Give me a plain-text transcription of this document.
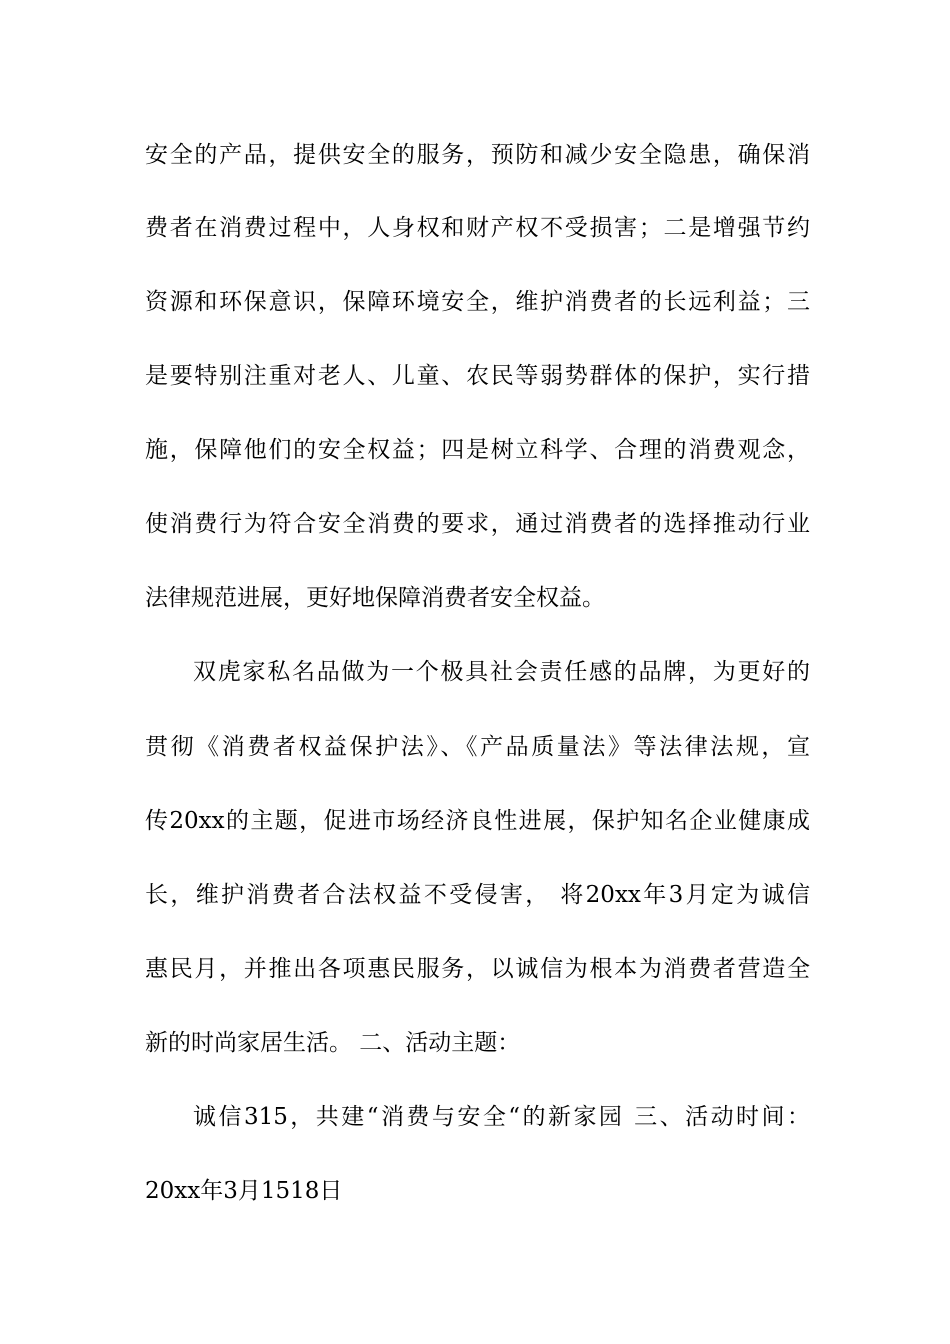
安全的产品，提供安全的服务，预防和减少安全隐患，确保消
费者在消费过程中，人身权和财产权不受损害；二是增强节约
资源和环保意识，保障环境安全，维护消费者的长远利益；三
是要特别注重对老人、儿童、农民等弱势群体的保护，实行措
施，保障他们的安全权益；四是树立科学、合理的消费观念，
使消费行为符合安全消费的要求，通过消费者的选择推动行业
法律规范进展，更好地保障消费者安全权益。
双虎家私名品做为一个极具社会责任感的品牌，为更好的
贯彻《消费者权益保护法》、《产品质量法》等法律法规，宣
传20xx的主题，促进市场经济良性进展，保护知名企业健康成
长，维护消费者合法权益不受侵害， 将20xx年3月定为诚信
惠民月，并推出各项惠民服务，以诚信为根本为消费者营造全
新的时尚家居生活。 二、活动主题：
诚信315，共建“消费与安全“的新家园 三、活动时间：
20xx年3月1518日
